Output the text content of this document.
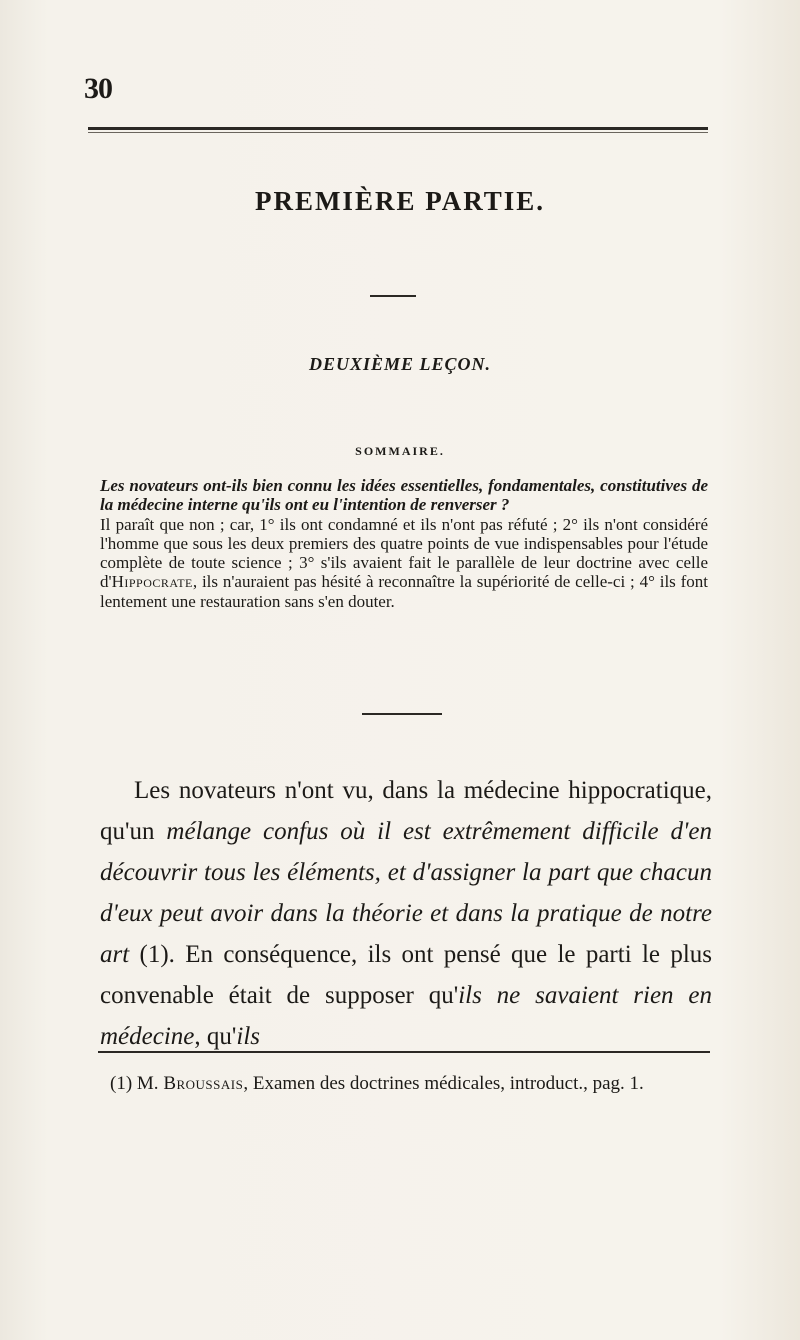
30
PREMIÈRE PARTIE.
DEUXIÈME LEÇON.
SOMMAIRE.
Les novateurs ont-ils bien connu les idées essentielles, fondamentales, constitutives de la médecine interne qu'ils ont eu l'intention de renverser ?
Il paraît que non ; car, 1° ils ont condamné et ils n'ont pas réfuté ; 2° ils n'ont considéré l'homme que sous les deux premiers des quatre points de vue indispensables pour l'étude complète de toute science ; 3° s'ils avaient fait le parallèle de leur doctrine avec celle d'Hippocrate, ils n'auraient pas hésité à reconnaître la supériorité de celle-ci ; 4° ils font lentement une restauration sans s'en douter.
Les novateurs n'ont vu, dans la médecine hippocratique, qu'un mélange confus où il est extrêmement difficile d'en découvrir tous les éléments, et d'assigner la part que chacun d'eux peut avoir dans la théorie et dans la pratique de notre art (1). En conséquence, ils ont pensé que le parti le plus convenable était de supposer qu'ils ne savaient rien en médecine, qu'ils
(1) M. Broussais, Examen des doctrines médicales, introduct., pag. 1.
